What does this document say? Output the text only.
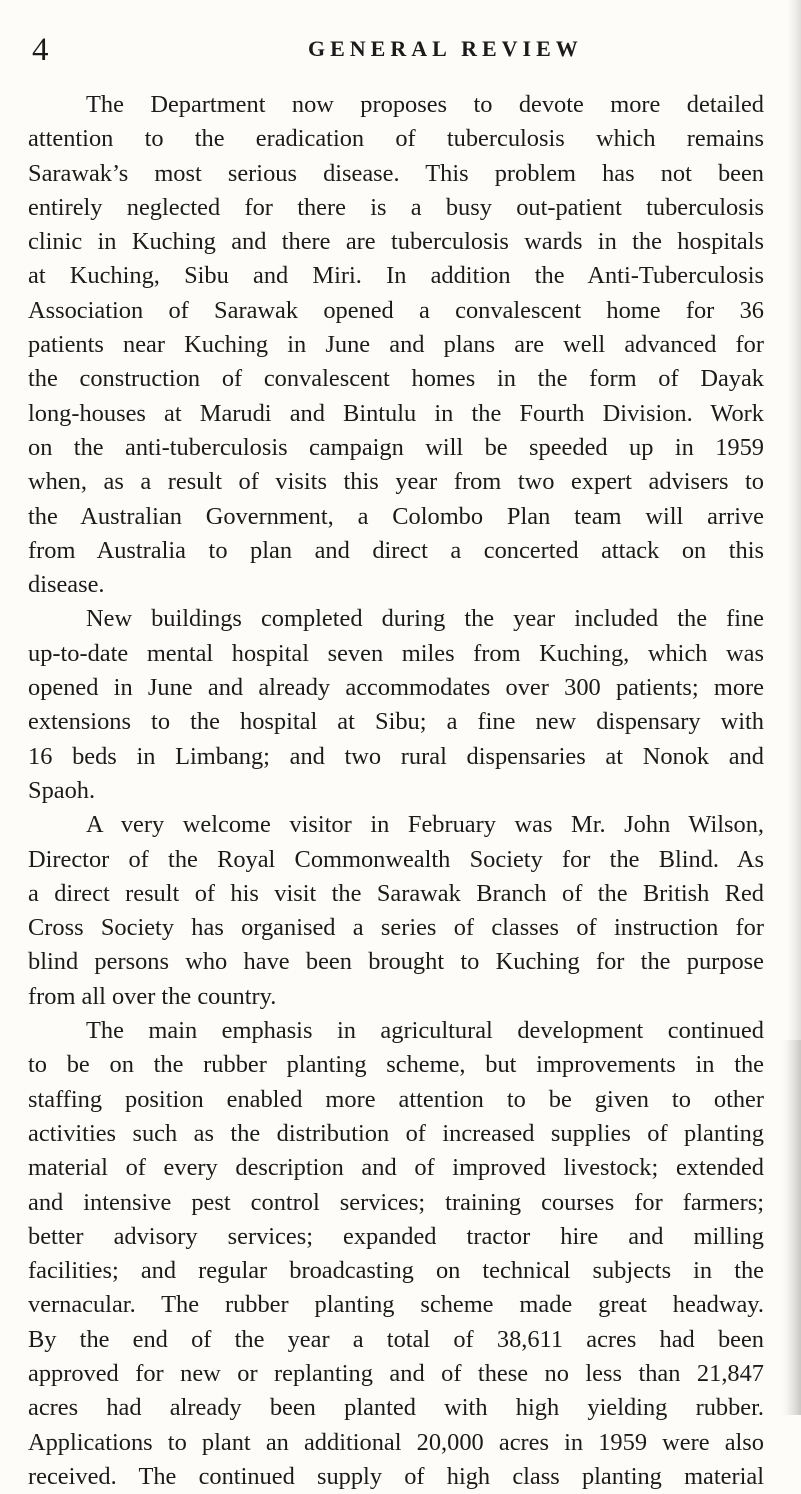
4	GENERAL REVIEW

The Department now proposes to devote more detailed
attention to the eradication of tuberculosis which remains
Sarawak’s most serious disease. This problem has not been
entirely neglected for there is a busy out-patient tuberculosis
clinic in Kuching and there are tuberculosis wards in the hospitals
at Kuching, Sibu and Miri. In addition the Anti-Tuberculosis
Association of Sarawak opened a convalescent home for 36
patients near Kuching in June and plans are well advanced for
the construction of convalescent homes in the form of Dayak
long-houses at Marudi and Bintulu in the Fourth Division. Work
on the anti-tuberculosis campaign will be speeded up in 1959
when, as a result of visits this year from two expert advisers to
the Australian Government, a Colombo Plan team will arrive
from Australia to plan and direct a concerted attack on this
disease.

New buildings completed during the year included the fine
up-to-date mental hospital seven miles from Kuching, which was
opened in June and already accommodates over 300 patients; more
extensions to the hospital at Sibu; a fine new dispensary with
16 beds in Limbang; and two rural dispensaries at Nonok and
Spaoh.

A very welcome visitor in February was Mr. John Wilson,
Director of the Royal Commonwealth Society for the Blind. As
a direct result of his visit the Sarawak Branch of the British Red
Cross Society has organised a series of classes of instruction for
blind persons who have been brought to Kuching for the purpose
from all over the country.

The main emphasis in agricultural development continued
to be on the rubber planting scheme, but improvements in the
staffing position enabled more attention to be given to other
activities such as the distribution of increased supplies of planting
material of every description and of improved livestock; extended
and intensive pest control services; training courses for farmers;
better advisory services; expanded tractor hire and milling
facilities; and regular broadcasting on technical subjects in the
vernacular. The rubber planting scheme made great headway.
By the end of the year a total of 38,611 acres had been
approved for new or replanting and of these no less than 21,847
acres had already been planted with high yielding rubber.
Applications to plant an additional 20,000 acres in 1959 were also
received. The continued supply of high class planting material
